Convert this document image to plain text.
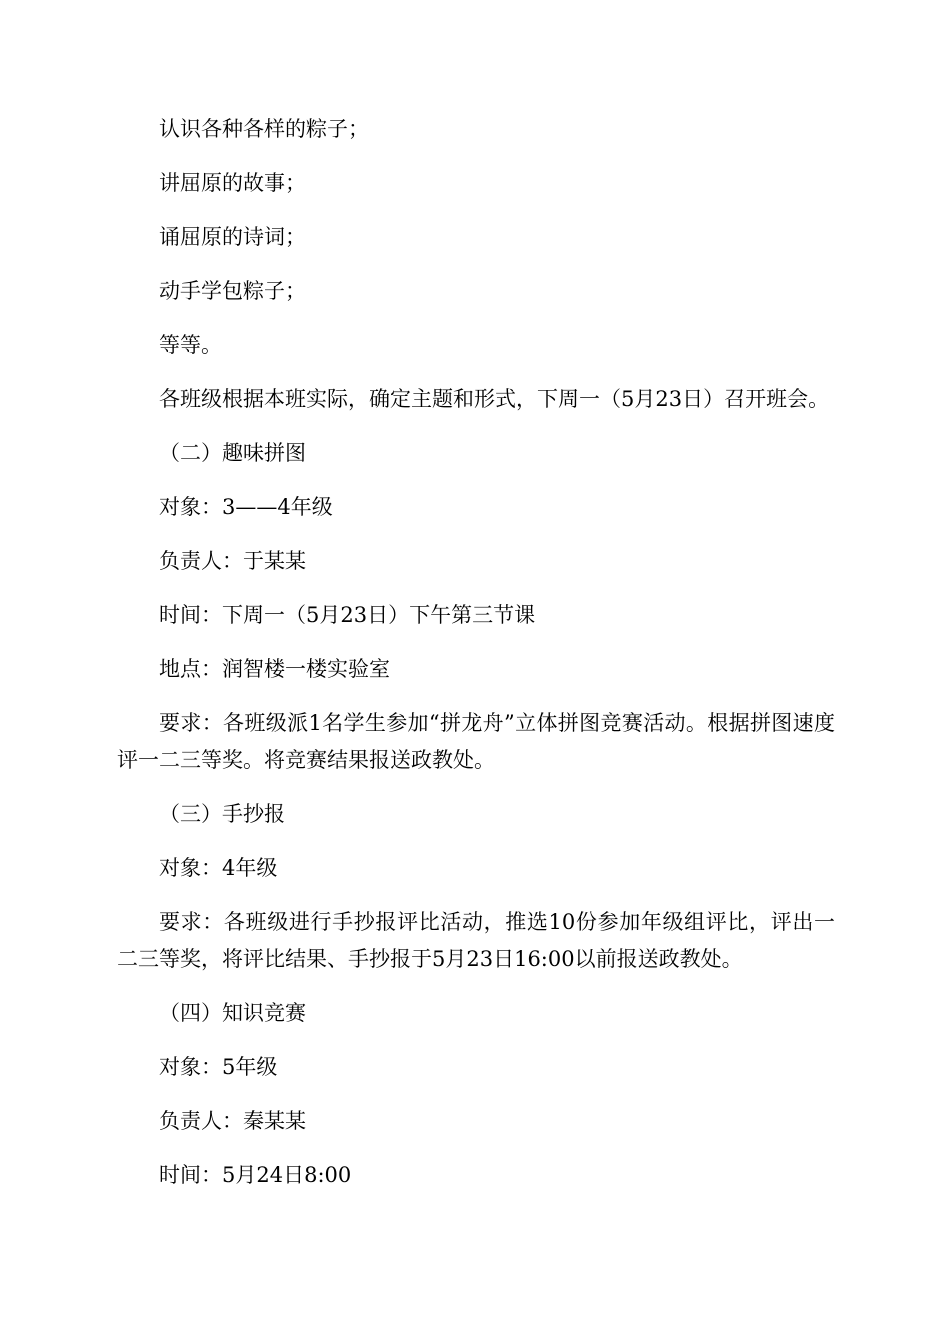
认识各种各样的粽子；

讲屈原的故事；

诵屈原的诗词；

动手学包粽子；

等等。

各班级根据本班实际，确定主题和形式，下周一（5月23日）召开班会。

（二）趣味拼图

对象：3——4年级

负责人：于某某

时间：下周一（5月23日）下午第三节课

地点：润智楼一楼实验室

要求：各班级派1名学生参加“拼龙舟”立体拼图竞赛活动。根据拼图速度评一二三等奖。将竞赛结果报送政教处。

（三）手抄报

对象：4年级

要求：各班级进行手抄报评比活动，推选10份参加年级组评比，评出一二三等奖，将评比结果、手抄报于5月23日16:00以前报送政教处。

（四）知识竞赛

对象：5年级

负责人：秦某某

时间：5月24日8:00
